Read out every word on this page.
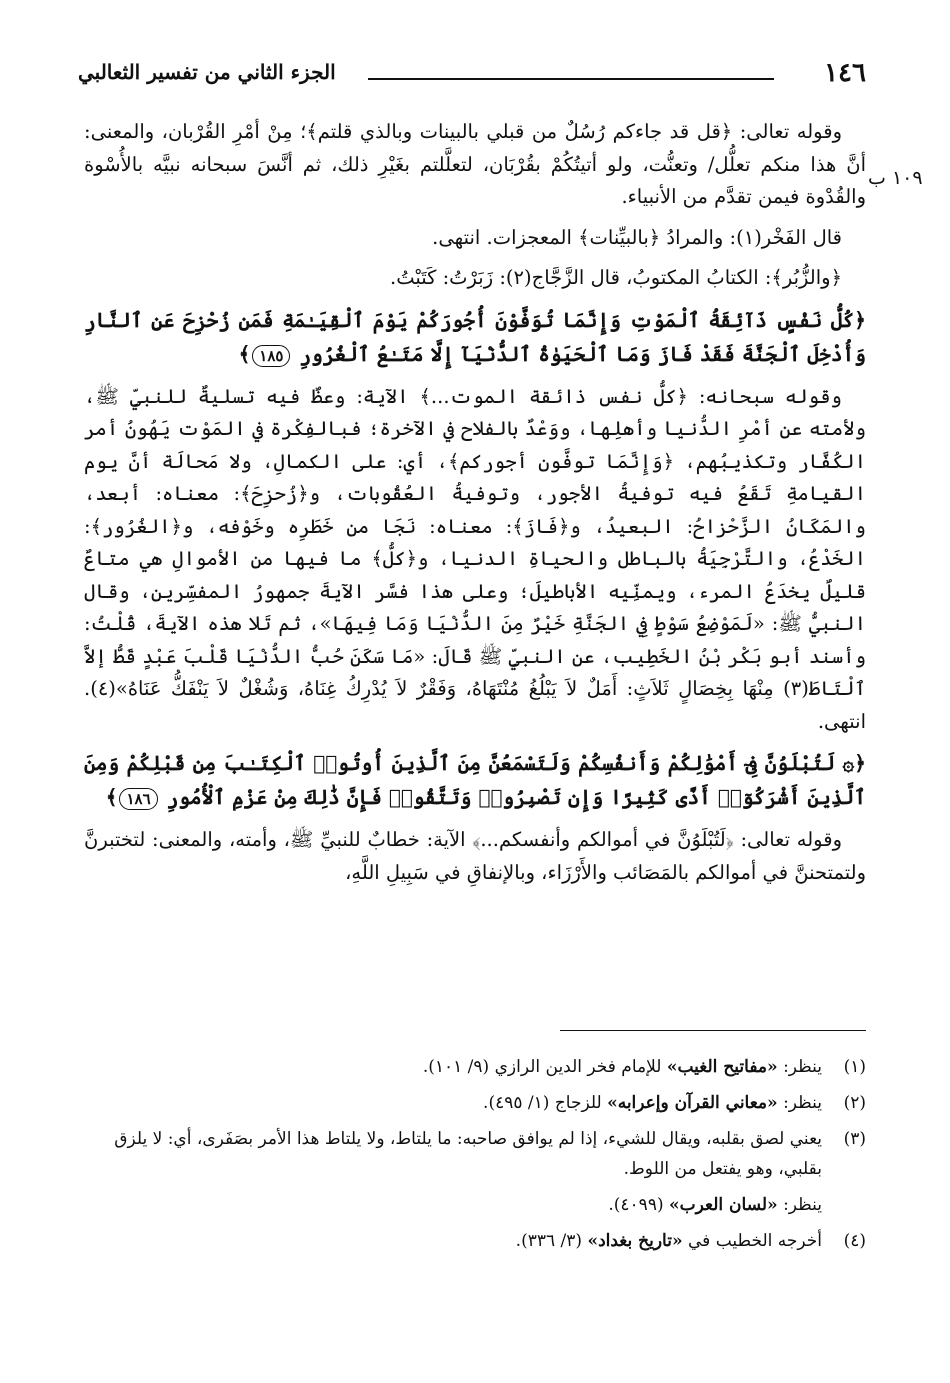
١٤٦
الجزء الثاني من تفسير الثعالبي
١٠٩ ب

وقوله تعالى: ﴿قل قد جاءكم رُسُلٌ من قبلي بالبينات وبالذي قلتم﴾؛ مِنْ أمْرِ القُرْبان، والمعنى: أنَّ هذا منكم تعلُّل/ وتعنُّت، ولو أتيتُكُمْ بقُرْبَان، لتعلَّلتم بغَيْرِ ذلك، ثم أنَّسَ سبحانه نبيَّه بالأُسْوة والقُدْوة فيمن تقدَّم من الأنبياء.

قال الفَخْر(١): والمرادُ ﴿بالبيِّنات﴾ المعجزات. انتهى.

﴿والزُّبُر﴾: الكتابُ المكتوبُ، قال الزَّجَّاج(٢): زَبَرْتُ: كَتَبْتُ.

﴿كُلُّ نَفْسٍ ذَآئِقَةُ ٱلْمَوْتِ وَإِنَّمَا تُوَفَّوْنَ أُجُورَكُمْ يَوْمَ ٱلْقِيَـٰمَةِ فَمَن زُحْزِحَ عَنِ ٱلنَّارِ وَأُدْخِلَ ٱلْجَنَّةَ فَقَدْ فَازَ وَمَا ٱلْحَيَوٰةُ ٱلدُّنْيَآ إِلَّا مَتَـٰعُ ٱلْغُرُورِ ١٨٥﴾

وقوله سبحانه: ﴿كلُّ نفس ذائقة الموت...﴾ الآية: وعظٌ فيه تسليةٌ للنبيِّ ﷺ، ولأمته عن أمْرِ الدُّنيا وأهلِها، ووَعْدٌ بالفلاح في الآخرة؛ فبالفِكْرة في المَوْت يَهُونُ أمر الكُفَّار وتكذيبُهم، ﴿وَإِنَّمَا توفَّون أجوركم﴾، أي: على الكمالِ، ولا مَحالَة أنَّ يوم القيامةِ تَقَعُ فيه توفيةُ الأجور، وتوفيةُ العُقُوبات، و﴿زُحزِحَ﴾: معناه: أبعد، والمَكَانُ الزَّحْزاحُ: البعيدُ، و﴿فَازَ﴾: معناه: نَجَا من خَطَرِه وخَوْفه، و﴿الغُرُور﴾: الخَدْعُ، والتَّرْجِيَةُ بالباطل والحياةِ الدنيا، و﴿كلُّ﴾ ما فيها من الأموالِ هي متاعٌ قليلٌ يخدَعُ المرء، ويمنِّيه الأباطيلَ؛ وعلى هذا فسَّر الآيةَ جمهورُ المفسِّرين، وقال النبيُّ ﷺ: «لَمَوْضِعُ سَوْطٍ فِي الجَنَّةِ خَيْرٌ مِنَ الدُّنْيَا وَمَا فِيهَا»، ثم تَلا هذه الآيةَ، قُلْتُ: وأسند أبو بَكْر بْنُ الخَطِيب، عن النبيِّ ﷺ قَالَ: «مَا سَكَنَ حُبُّ الدُّنْيَا قَلْبَ عَبْدٍ قَطُّ إلاَّ ٱلْتَاطَ(٣) مِنْهَا بِخِصَالٍ ثَلاَثٍ: أَمَلٌ لاَ يَبْلُغُ مُنْتَهَاهُ، وَفَقْرٌ لاَ يُدْرِكُ غِنَاهُ، وَشُغْلٌ لاَ يَنْفَكُّ عَنَاهُ»(٤). انتهى.

﴿۞ لَتُبْلَوُنَّ فِىٓ أَمْوَٰلِكُمْ وَأَنفُسِكُمْ وَلَتَسْمَعُنَّ مِنَ ٱلَّذِينَ أُوتُوا۟ ٱلْكِتَـٰبَ مِن قَبْلِكُمْ وَمِنَ ٱلَّذِينَ أَشْرَكُوٓا۟ أَذًى كَثِيرًا وَإِن تَصْبِرُوا۟ وَتَتَّقُوا۟ فَإِنَّ ذَٰلِكَ مِنْ عَزْمِ ٱلْأُمُورِ ١٨٦﴾

وقوله تعالى: ﴿لَتُبْلَوُنَّ في أموالكم وأنفسكم...﴾ الآية: خطابٌ للنبيِّ ﷺ، وأمته، والمعنى: لتختبرنَّ ولتمتحننَّ في أموالكم بالمَصَائب والأَرْزَاء، وبالإنفاقِ في سَبِيلِ اللَّهِ،

(١)
ينظر: «مفاتيح الغيب» للإمام فخر الدين الرازي (٩/ ١٠١).
(٢)
ينظر: «معاني القرآن وإعرابه» للزجاج (١/ ٤٩٥).
(٣)
يعني لصق بقلبه، ويقال للشيء، إذا لم يوافق صاحبه: ما يلتاط، ولا يلتاط هذا الأمر بصَفَرى، أي: لا يلزق بقلبي، وهو يفتعل من اللوط.
ينظر: «لسان العرب» (٤٠٩٩).
(٤)
أخرجه الخطيب في «تاريخ بغداد» (٣/ ٣٣٦).
